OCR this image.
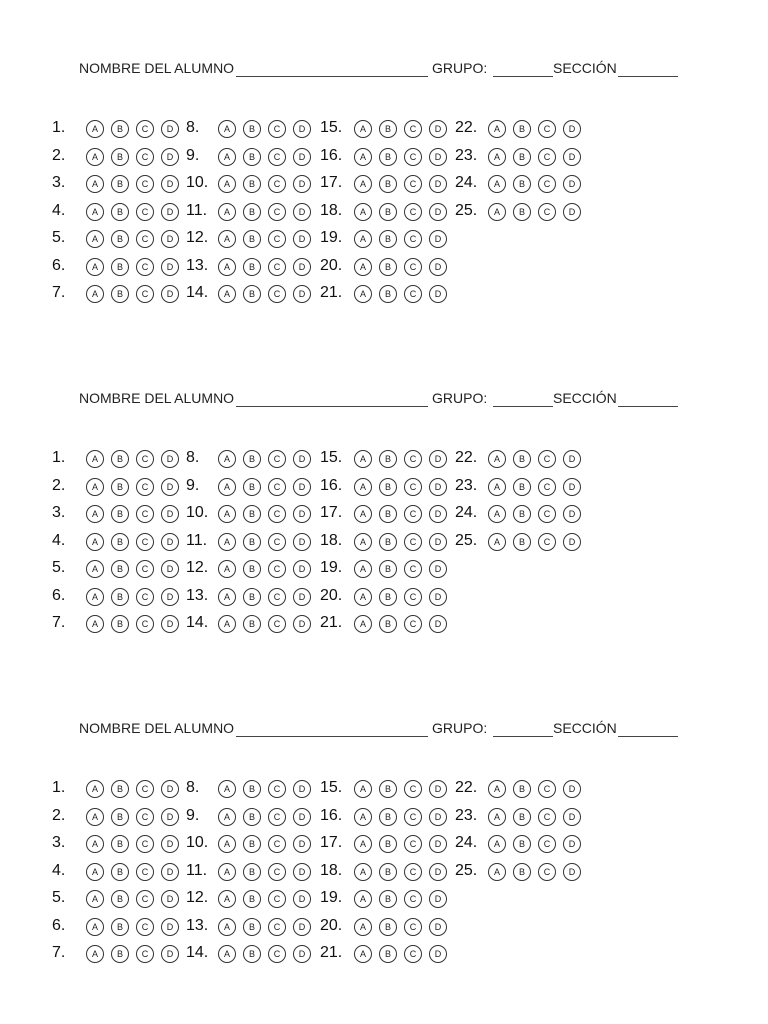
NOMBRE DEL ALUMNO	GRUPO:	SECCIÓN
1.	A	B	C	D
2.	A	B	C	D
3.	A	B	C	D
4.	A	B	C	D
5.	A	B	C	D
6.	A	B	C	D
7.	A	B	C	D
8.	A	B	C	D
9.	A	B	C	D
10.	A	B	C	D
11.	A	B	C	D
12.	A	B	C	D
13.	A	B	C	D
14.	A	B	C	D
15.	A	B	C	D
16.	A	B	C	D
17.	A	B	C	D
18.	A	B	C	D
19.	A	B	C	D
20.	A	B	C	D
21.	A	B	C	D
22.	A	B	C	D
23.	A	B	C	D
24.	A	B	C	D
25.	A	B	C	D
NOMBRE DEL ALUMNO	GRUPO:	SECCIÓN
1.	A	B	C	D
2.	A	B	C	D
3.	A	B	C	D
4.	A	B	C	D
5.	A	B	C	D
6.	A	B	C	D
7.	A	B	C	D
8.	A	B	C	D
9.	A	B	C	D
10.	A	B	C	D
11.	A	B	C	D
12.	A	B	C	D
13.	A	B	C	D
14.	A	B	C	D
15.	A	B	C	D
16.	A	B	C	D
17.	A	B	C	D
18.	A	B	C	D
19.	A	B	C	D
20.	A	B	C	D
21.	A	B	C	D
22.	A	B	C	D
23.	A	B	C	D
24.	A	B	C	D
25.	A	B	C	D
NOMBRE DEL ALUMNO	GRUPO:	SECCIÓN
1.	A	B	C	D
2.	A	B	C	D
3.	A	B	C	D
4.	A	B	C	D
5.	A	B	C	D
6.	A	B	C	D
7.	A	B	C	D
8.	A	B	C	D
9.	A	B	C	D
10.	A	B	C	D
11.	A	B	C	D
12.	A	B	C	D
13.	A	B	C	D
14.	A	B	C	D
15.	A	B	C	D
16.	A	B	C	D
17.	A	B	C	D
18.	A	B	C	D
19.	A	B	C	D
20.	A	B	C	D
21.	A	B	C	D
22.	A	B	C	D
23.	A	B	C	D
24.	A	B	C	D
25.	A	B	C	D
